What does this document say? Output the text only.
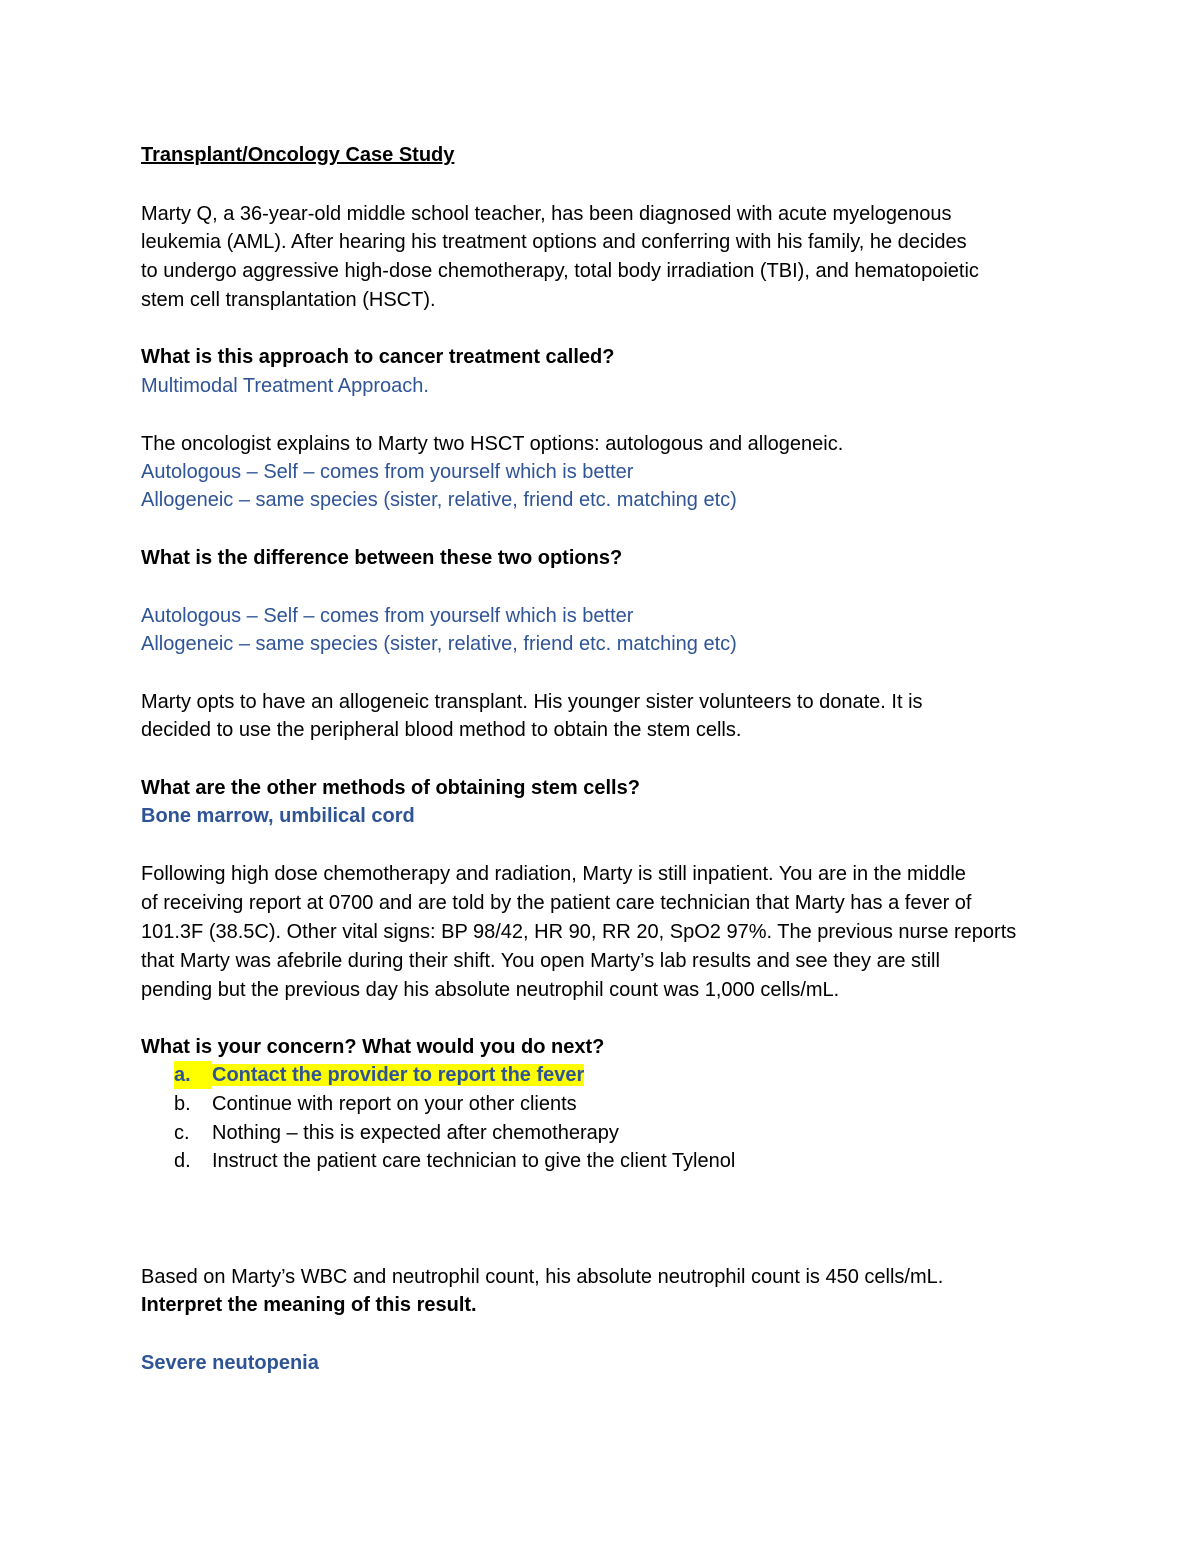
Transplant/Oncology Case Study

Marty Q, a 36-year-old middle school teacher, has been diagnosed with acute myelogenous

leukemia (AML). After hearing his treatment options and conferring with his family, he decides

to undergo aggressive high-dose chemotherapy, total body irradiation (TBI), and hematopoietic

stem cell transplantation (HSCT).

What is this approach to cancer treatment called?

Multimodal Treatment Approach.

The oncologist explains to Marty two HSCT options: autologous and allogeneic.

Autologous – Self – comes from yourself which is better

Allogeneic – same species (sister, relative, friend etc. matching etc)

What is the difference between these two options?

Autologous – Self – comes from yourself which is better

Allogeneic – same species (sister, relative, friend etc. matching etc)

Marty opts to have an allogeneic transplant. His younger sister volunteers to donate. It is

decided to use the peripheral blood method to obtain the stem cells.

What are the other methods of obtaining stem cells?

Bone marrow, umbilical cord

Following high dose chemotherapy and radiation, Marty is still inpatient. You are in the middle

of receiving report at 0700 and are told by the patient care technician that Marty has a fever of

101.3F (38.5C). Other vital signs: BP 98/42, HR 90, RR 20, SpO2 97%. The previous nurse reports

that Marty was afebrile during their shift. You open Marty’s lab results and see they are still

pending but the previous day his absolute neutrophil count was 1,000 cells/mL.

What is your concern? What would you do next?

a. Contact the provider to report the fever

b. Continue with report on your other clients

c. Nothing – this is expected after chemotherapy

d. Instruct the patient care technician to give the client Tylenol

Based on Marty’s WBC and neutrophil count, his absolute neutrophil count is 450 cells/mL.

Interpret the meaning of this result.

Severe neutopenia
